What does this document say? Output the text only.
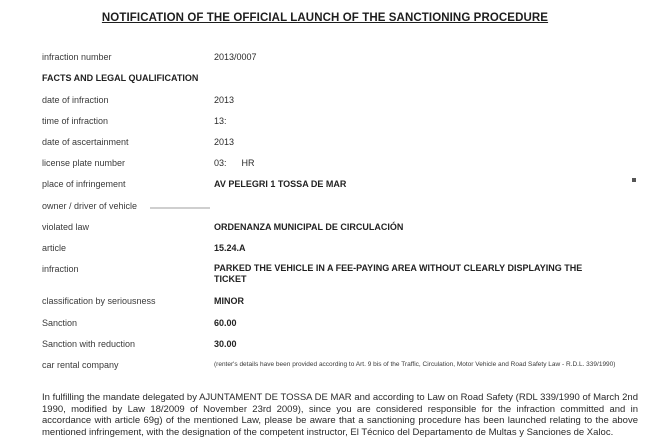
NOTIFICATION OF THE OFFICIAL LAUNCH OF THE SANCTIONING PROCEDURE
infraction number	2013/0007
FACTS AND LEGAL QUALIFICATION
date of infraction	2013
time of infraction	13:
date of ascertainment	2013
license plate number	03:      HR
place of infringement	AV PELEGRI 1 TOSSA DE MAR
owner / driver of vehicle
violated law	ORDENANZA MUNICIPAL DE CIRCULACIÓN
article	15.24.A
infraction	PARKED THE VEHICLE IN A FEE-PAYING AREA WITHOUT CLEARLY DISPLAYING THE TICKET
classification by seriousness	MINOR
Sanction	60.00
Sanction with reduction	30.00
car rental company	(renter's details have been provided according to Art. 9 bis of the Traffic, Circulation, Motor Vehicle and Road Safety Law - R.D.L. 339/1990)
In fulfilling the mandate delegated by AJUNTAMENT DE TOSSA DE MAR and according to Law on Road Safety (RDL 339/1990 of March 2nd 1990, modified by Law 18/2009 of November 23rd 2009), since you are considered responsible for the infraction committed and in accordance with article 69g) of the mentioned Law, please be aware that a sanctioning procedure has been launched relating to the above mentioned infringement, with the designation of the competent instructor, El Técnico del Departamento de Multas y Sanciones de Xaloc.
